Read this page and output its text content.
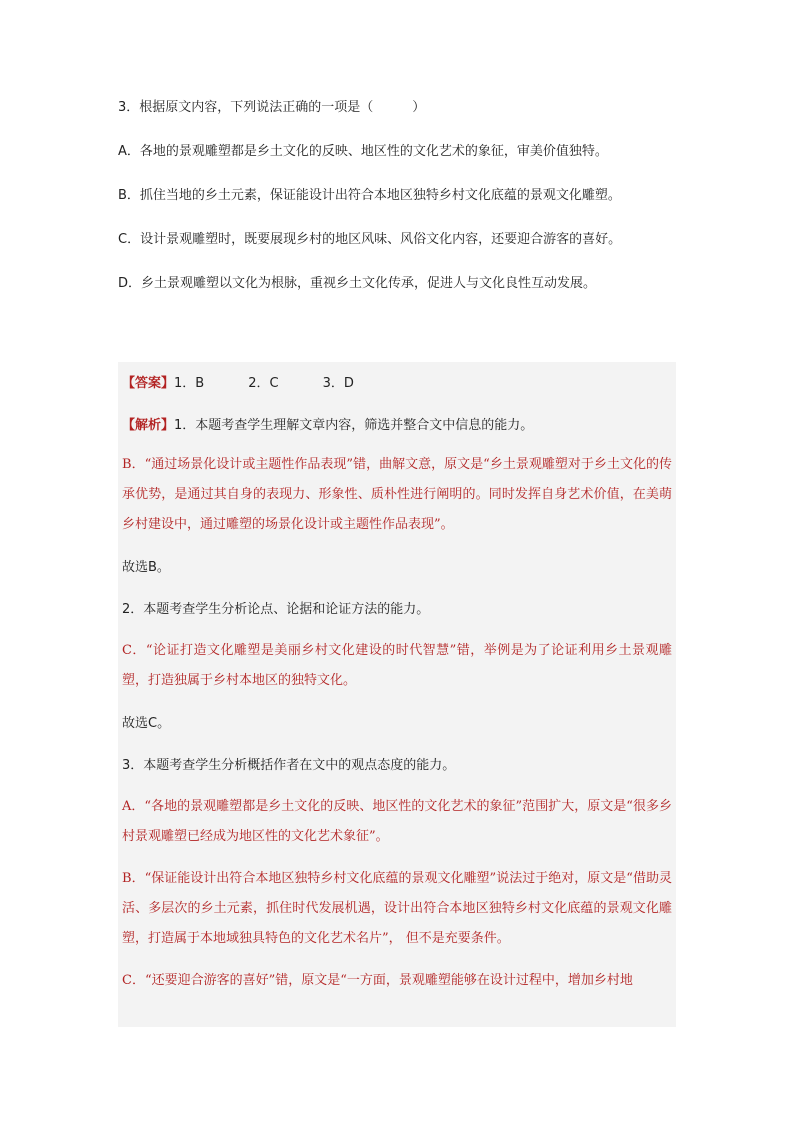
3．根据原文内容，下列说法正确的一项是（　　　）

A．各地的景观雕塑都是乡土文化的反映、地区性的文化艺术的象征，审美价值独特。

B．抓住当地的乡土元素，保证能设计出符合本地区独特乡村文化底蕴的景观文化雕塑。

C．设计景观雕塑时，既要展现乡村的地区风味、风俗文化内容，还要迎合游客的喜好。

D．乡土景观雕塑以文化为根脉，重视乡土文化传承，促进人与文化良性互动发展。

【答案】1．B	2．C	3．D

【解析】1．本题考查学生理解文章内容，筛选并整合文中信息的能力。

B．“通过场景化设计或主题性作品表现”错，曲解文意，原文是“乡土景观雕塑对于乡土文化的传承优势，是通过其自身的表现力、形象性、质朴性进行阐明的。同时发挥自身艺术价值，在美萌乡村建设中，通过雕塑的场景化设计或主题性作品表现”。

故选B。

2．本题考查学生分析论点、论据和论证方法的能力。

C．“论证打造文化雕塑是美丽乡村文化建设的时代智慧”错，举例是为了论证利用乡土景观雕塑，打造独属于乡村本地区的独特文化。

故选C。

3．本题考查学生分析概括作者在文中的观点态度的能力。

A．“各地的景观雕塑都是乡土文化的反映、地区性的文化艺术的象征”范围扩大，原文是“很多乡村景观雕塑已经成为地区性的文化艺术象征”。

B．“保证能设计出符合本地区独特乡村文化底蕴的景观文化雕塑”说法过于绝对，原文是“借助灵活、多层次的乡土元素，抓住时代发展机遇，设计出符合本地区独特乡村文化底蕴的景观文化雕塑，打造属于本地域独具特色的文化艺术名片”， 但不是充要条件。

C．“还要迎合游客的喜好”错，原文是“一方面，景观雕塑能够在设计过程中，增加乡村地
